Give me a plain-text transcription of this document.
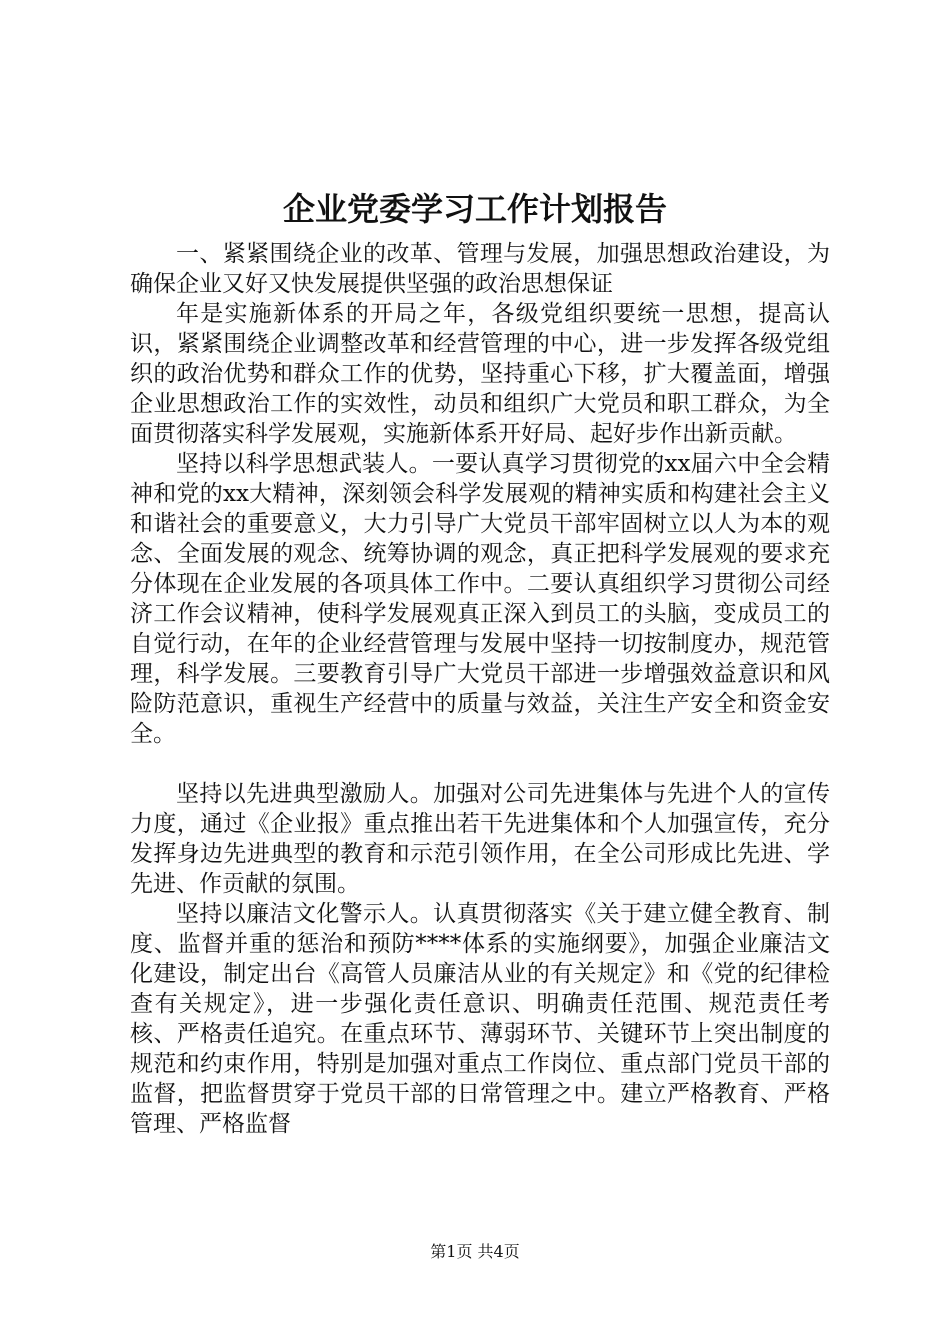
企业党委学习工作计划报告

一、紧紧围绕企业的改革、管理与发展，加强思想政治建设，为确保企业又好又快发展提供坚强的政治思想保证

年是实施新体系的开局之年，各级党组织要统一思想，提高认识，紧紧围绕企业调整改革和经营管理的中心，进一步发挥各级党组织的政治优势和群众工作的优势，坚持重心下移，扩大覆盖面，增强企业思想政治工作的实效性，动员和组织广大党员和职工群众，为全面贯彻落实科学发展观，实施新体系开好局、起好步作出新贡献。

坚持以科学思想武装人。一要认真学习贯彻党的xx届六中全会精神和党的xx大精神，深刻领会科学发展观的精神实质和构建社会主义和谐社会的重要意义，大力引导广大党员干部牢固树立以人为本的观念、全面发展的观念、统筹协调的观念，真正把科学发展观的要求充分体现在企业发展的各项具体工作中。二要认真组织学习贯彻公司经济工作会议精神，使科学发展观真正深入到员工的头脑，变成员工的自觉行动，在年的企业经营管理与发展中坚持一切按制度办，规范管理，科学发展。三要教育引导广大党员干部进一步增强效益意识和风险防范意识，重视生产经营中的质量与效益，关注生产安全和资金安全。

坚持以先进典型激励人。加强对公司先进集体与先进个人的宣传力度，通过《企业报》重点推出若干先进集体和个人加强宣传，充分发挥身边先进典型的教育和示范引领作用，在全公司形成比先进、学先进、作贡献的氛围。

坚持以廉洁文化警示人。认真贯彻落实《关于建立健全教育、制度、监督并重的惩治和预防****体系的实施纲要》，加强企业廉洁文化建设，制定出台《高管人员廉洁从业的有关规定》和《党的纪律检查有关规定》，进一步强化责任意识、明确责任范围、规范责任考核、严格责任追究。在重点环节、薄弱环节、关键环节上突出制度的规范和约束作用，特别是加强对重点工作岗位、重点部门党员干部的监督，把监督贯穿于党员干部的日常管理之中。建立严格教育、严格管理、严格监督

第1页 共4页
